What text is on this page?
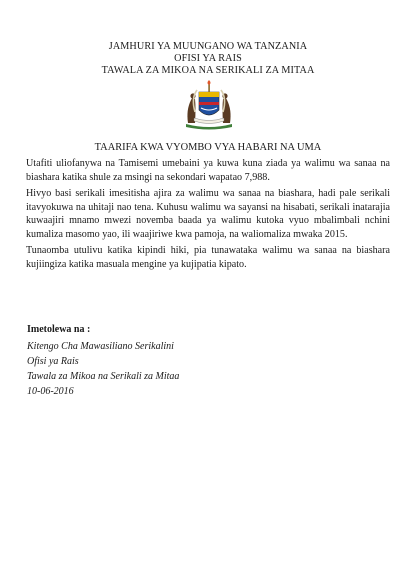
JAMHURI YA MUUNGANO WA TANZANIA
OFISI YA RAIS
TAWALA ZA MIKOA NA SERIKALI ZA MITAA
TAARIFA KWA VYOMBO VYA HABARI NA UMA

Utafiti uliofanywa na Tamisemi umebaini ya kuwa kuna ziada ya walimu wa sanaa na biashara katika shule za msingi na sekondari wapatao 7,988.

Hivyo basi serikali imesitisha ajira za walimu wa sanaa na biashara, hadi pale serikali itavyokuwa na uhitaji nao tena. Kuhusu walimu wa sayansi na hisabati, serikali inatarajia kuwaajiri mnamo mwezi novemba baada ya walimu kutoka vyuo mbalimbali nchini kumaliza masomo yao, ili waajiriwe kwa pamoja, na waliomaliza mwaka 2015.

Tunaomba utulivu katika kipindi hiki, pia tunawataka walimu wa sanaa na biashara kujiingiza katika masuala mengine ya kujipatia kipato.

Imetolewa na :
Kitengo Cha Mawasiliano Serikalini
Ofisi ya Rais
Tawala za Mikoa na Serikali za Mitaa
10-06-2016
